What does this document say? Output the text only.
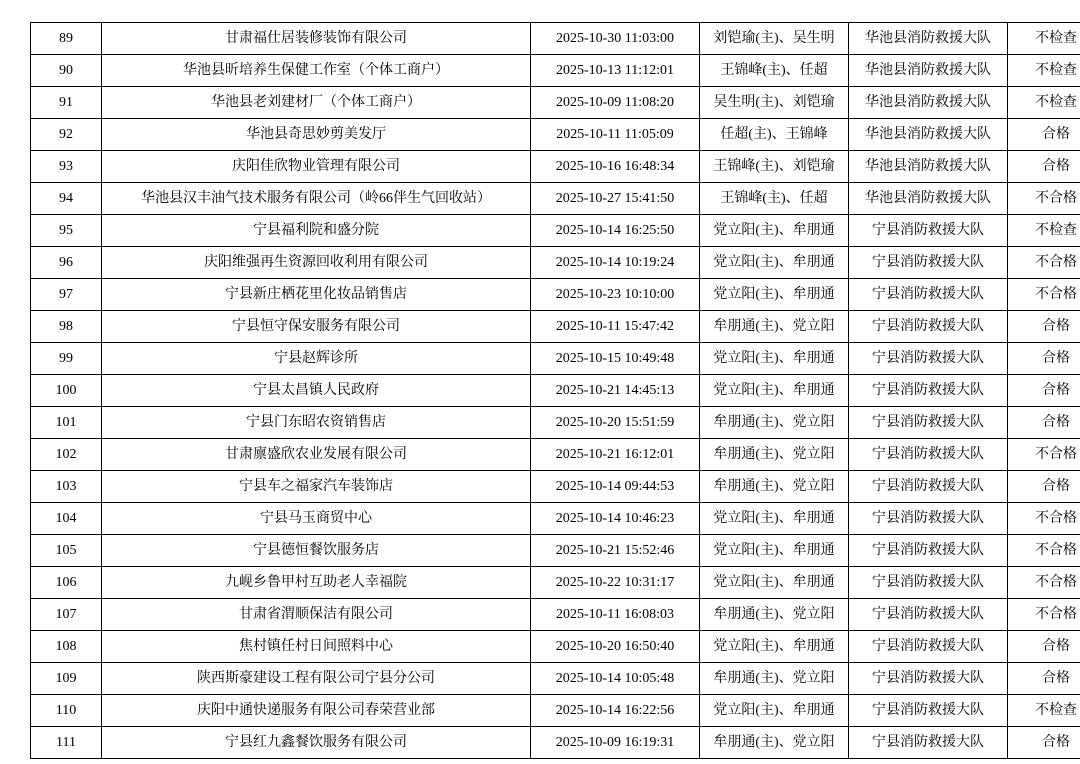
89	甘肃福仕居装修装饰有限公司	2025-10-30 11:03:00	刘铠瑜(主)、吴生明	华池县消防救援大队	不检查
90	华池县昕培养生保健工作室（个体工商户）	2025-10-13 11:12:01	王锦峰(主)、任超	华池县消防救援大队	不检查
91	华池县老刘建材厂（个体工商户）	2025-10-09 11:08:20	吴生明(主)、刘铠瑜	华池县消防救援大队	不检查
92	华池县奇思妙剪美发厅	2025-10-11 11:05:09	任超(主)、王锦峰	华池县消防救援大队	合格
93	庆阳佳欣物业管理有限公司	2025-10-16 16:48:34	王锦峰(主)、刘铠瑜	华池县消防救援大队	合格
94	华池县汉丰油气技术服务有限公司（岭66伴生气回收站）	2025-10-27 15:41:50	王锦峰(主)、任超	华池县消防救援大队	不合格
95	宁县福利院和盛分院	2025-10-14 16:25:50	党立阳(主)、牟朋通	宁县消防救援大队	不检查
96	庆阳维强再生资源回收利用有限公司	2025-10-14 10:19:24	党立阳(主)、牟朋通	宁县消防救援大队	不合格
97	宁县新庄栖花里化妆品销售店	2025-10-23 10:10:00	党立阳(主)、牟朋通	宁县消防救援大队	不合格
98	宁县恒守保安服务有限公司	2025-10-11 15:47:42	牟朋通(主)、党立阳	宁县消防救援大队	合格
99	宁县赵辉诊所	2025-10-15 10:49:48	党立阳(主)、牟朋通	宁县消防救援大队	合格
100	宁县太昌镇人民政府	2025-10-21 14:45:13	党立阳(主)、牟朋通	宁县消防救援大队	合格
101	宁县门东昭农资销售店	2025-10-20 15:51:59	牟朋通(主)、党立阳	宁县消防救援大队	合格
102	甘肃廪盛欣农业发展有限公司	2025-10-21 16:12:01	牟朋通(主)、党立阳	宁县消防救援大队	不合格
103	宁县车之福家汽车装饰店	2025-10-14 09:44:53	牟朋通(主)、党立阳	宁县消防救援大队	合格
104	宁县马玉商贸中心	2025-10-14 10:46:23	党立阳(主)、牟朋通	宁县消防救援大队	不合格
105	宁县德恒餐饮服务店	2025-10-21 15:52:46	党立阳(主)、牟朋通	宁县消防救援大队	不合格
106	九岘乡鲁甲村互助老人幸福院	2025-10-22 10:31:17	党立阳(主)、牟朋通	宁县消防救援大队	不合格
107	甘肃省渭顺保洁有限公司	2025-10-11 16:08:03	牟朋通(主)、党立阳	宁县消防救援大队	不合格
108	焦村镇任村日间照料中心	2025-10-20 16:50:40	党立阳(主)、牟朋通	宁县消防救援大队	合格
109	陕西斯豪建设工程有限公司宁县分公司	2025-10-14 10:05:48	牟朋通(主)、党立阳	宁县消防救援大队	合格
110	庆阳中通快递服务有限公司春荣营业部	2025-10-14 16:22:56	党立阳(主)、牟朋通	宁县消防救援大队	不检查
111	宁县红九鑫餐饮服务有限公司	2025-10-09 16:19:31	牟朋通(主)、党立阳	宁县消防救援大队	合格
